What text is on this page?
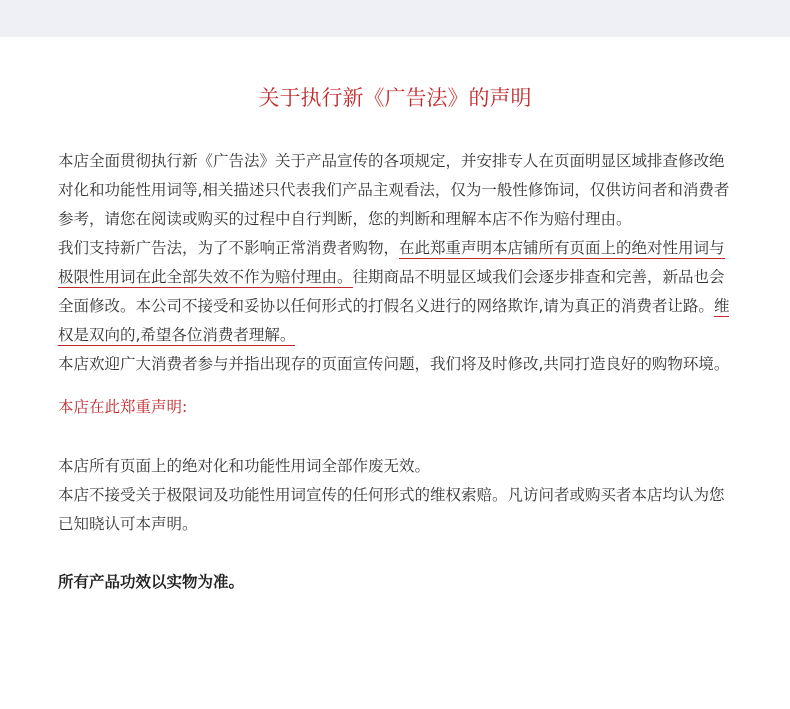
关于执行新《广告法》的声明

本店全面贯彻执行新《广告法》关于产品宣传的各项规定，并安排专人在页面明显区域排查修改绝对化和功能性用词等,相关描述只代表我们产品主观看法，仅为一般性修饰词，仅供访问者和消费者参考，请您在阅读或购买的过程中自行判断，您的判断和理解本店不作为赔付理由。

我们支持新广告法，为了不影响正常消费者购物，在此郑重声明本店铺所有页面上的绝对性用词与极限性用词在此全部失效不作为赔付理由。往期商品不明显区域我们会逐步排查和完善，新品也会全面修改。本公司不接受和妥协以任何形式的打假名义进行的网络欺诈,请为真正的消费者让路。维权是双向的,希望各位消费者理解。

本店欢迎广大消费者参与并指出现存的页面宣传问题，我们将及时修改,共同打造良好的购物环境。

本店在此郑重声明:

本店所有页面上的绝对化和功能性用词全部作废无效。

本店不接受关于极限词及功能性用词宣传的任何形式的维权索赔。凡访问者或购买者本店均认为您已知晓认可本声明。

所有产品功效以实物为准。
